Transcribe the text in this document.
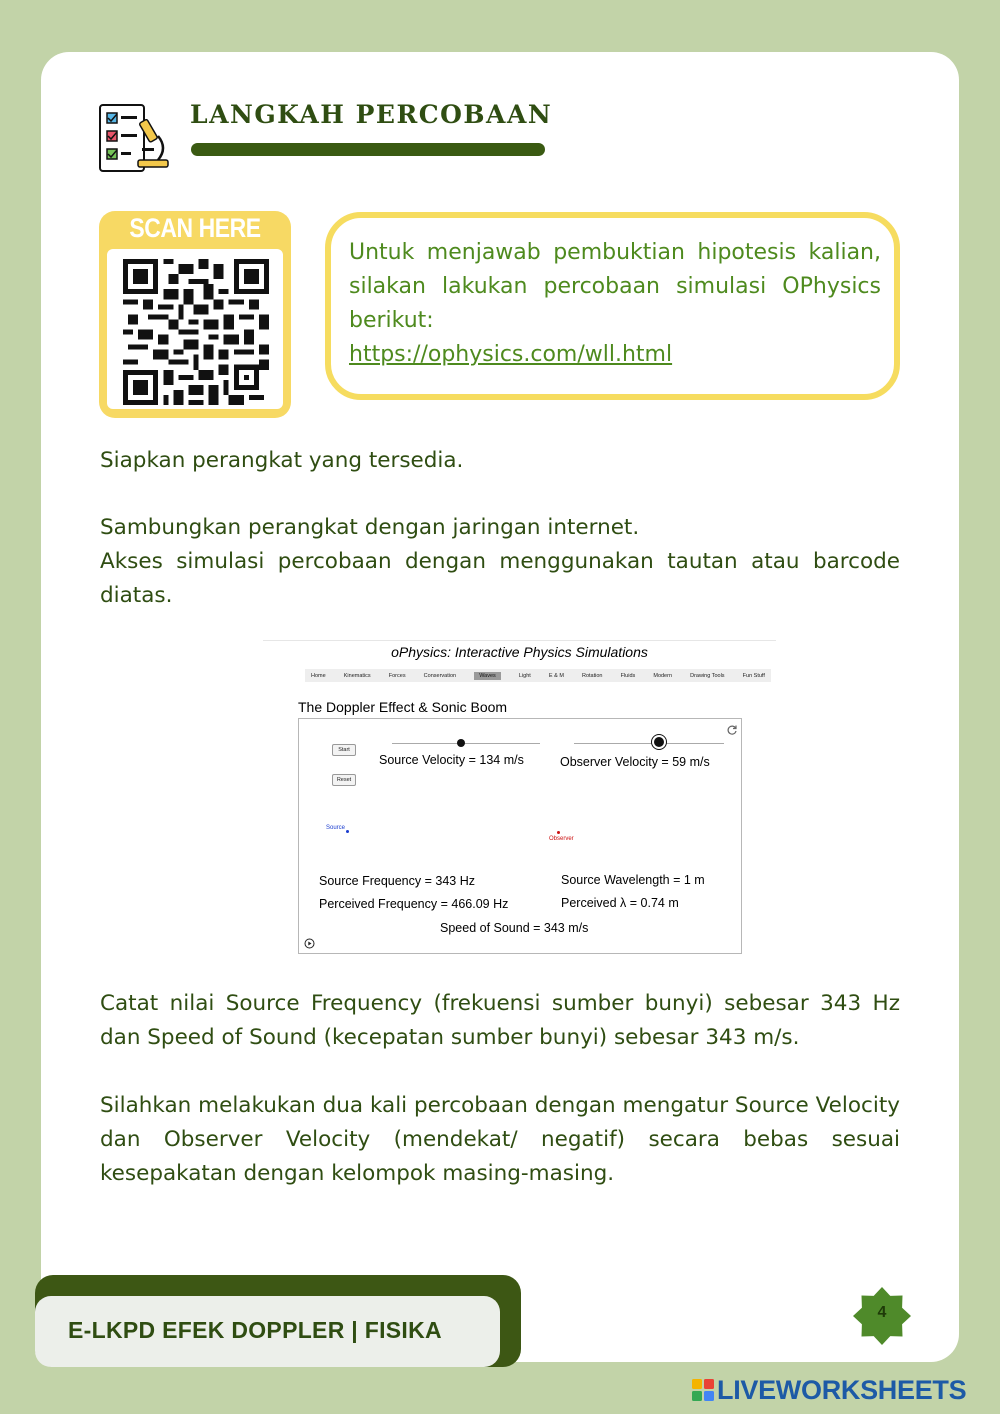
LANGKAH PERCOBAAN
SCAN HERE
Untuk menjawab pembuktian hipotesis kalian, silakan lakukan percobaan simulasi OPhysics berikut:
https://ophysics.com/wll.html
Siapkan perangkat yang tersedia.
Sambungkan perangkat dengan jaringan internet.
Akses simulasi percobaan dengan menggunakan tautan atau barcode diatas.
oPhysics: Interactive Physics Simulations
Home	Kinematics	Forces	Conservation	Waves	Light	E & M	Rotation	Fluids	Modern	Drawing Tools	Fun Stuff
The Doppler Effect & Sonic Boom
Start
Reset
Source Velocity = 134 m/s	Observer Velocity = 59 m/s
Source
Observer
Source Frequency = 343 Hz
Perceived Frequency = 466.09 Hz
Source Wavelength = 1 m
Perceived λ = 0.74 m
Speed of Sound = 343 m/s
Catat nilai Source Frequency (frekuensi sumber bunyi) sebesar 343 Hz dan Speed of Sound (kecepatan sumber bunyi) sebesar 343 m/s.
Silahkan melakukan dua kali percobaan dengan mengatur Source Velocity dan Observer Velocity (mendekat/ negatif) secara bebas sesuai kesepakatan dengan kelompok masing-masing.
E-LKPD EFEK DOPPLER | FISIKA
4
LIVEWORKSHEETS
